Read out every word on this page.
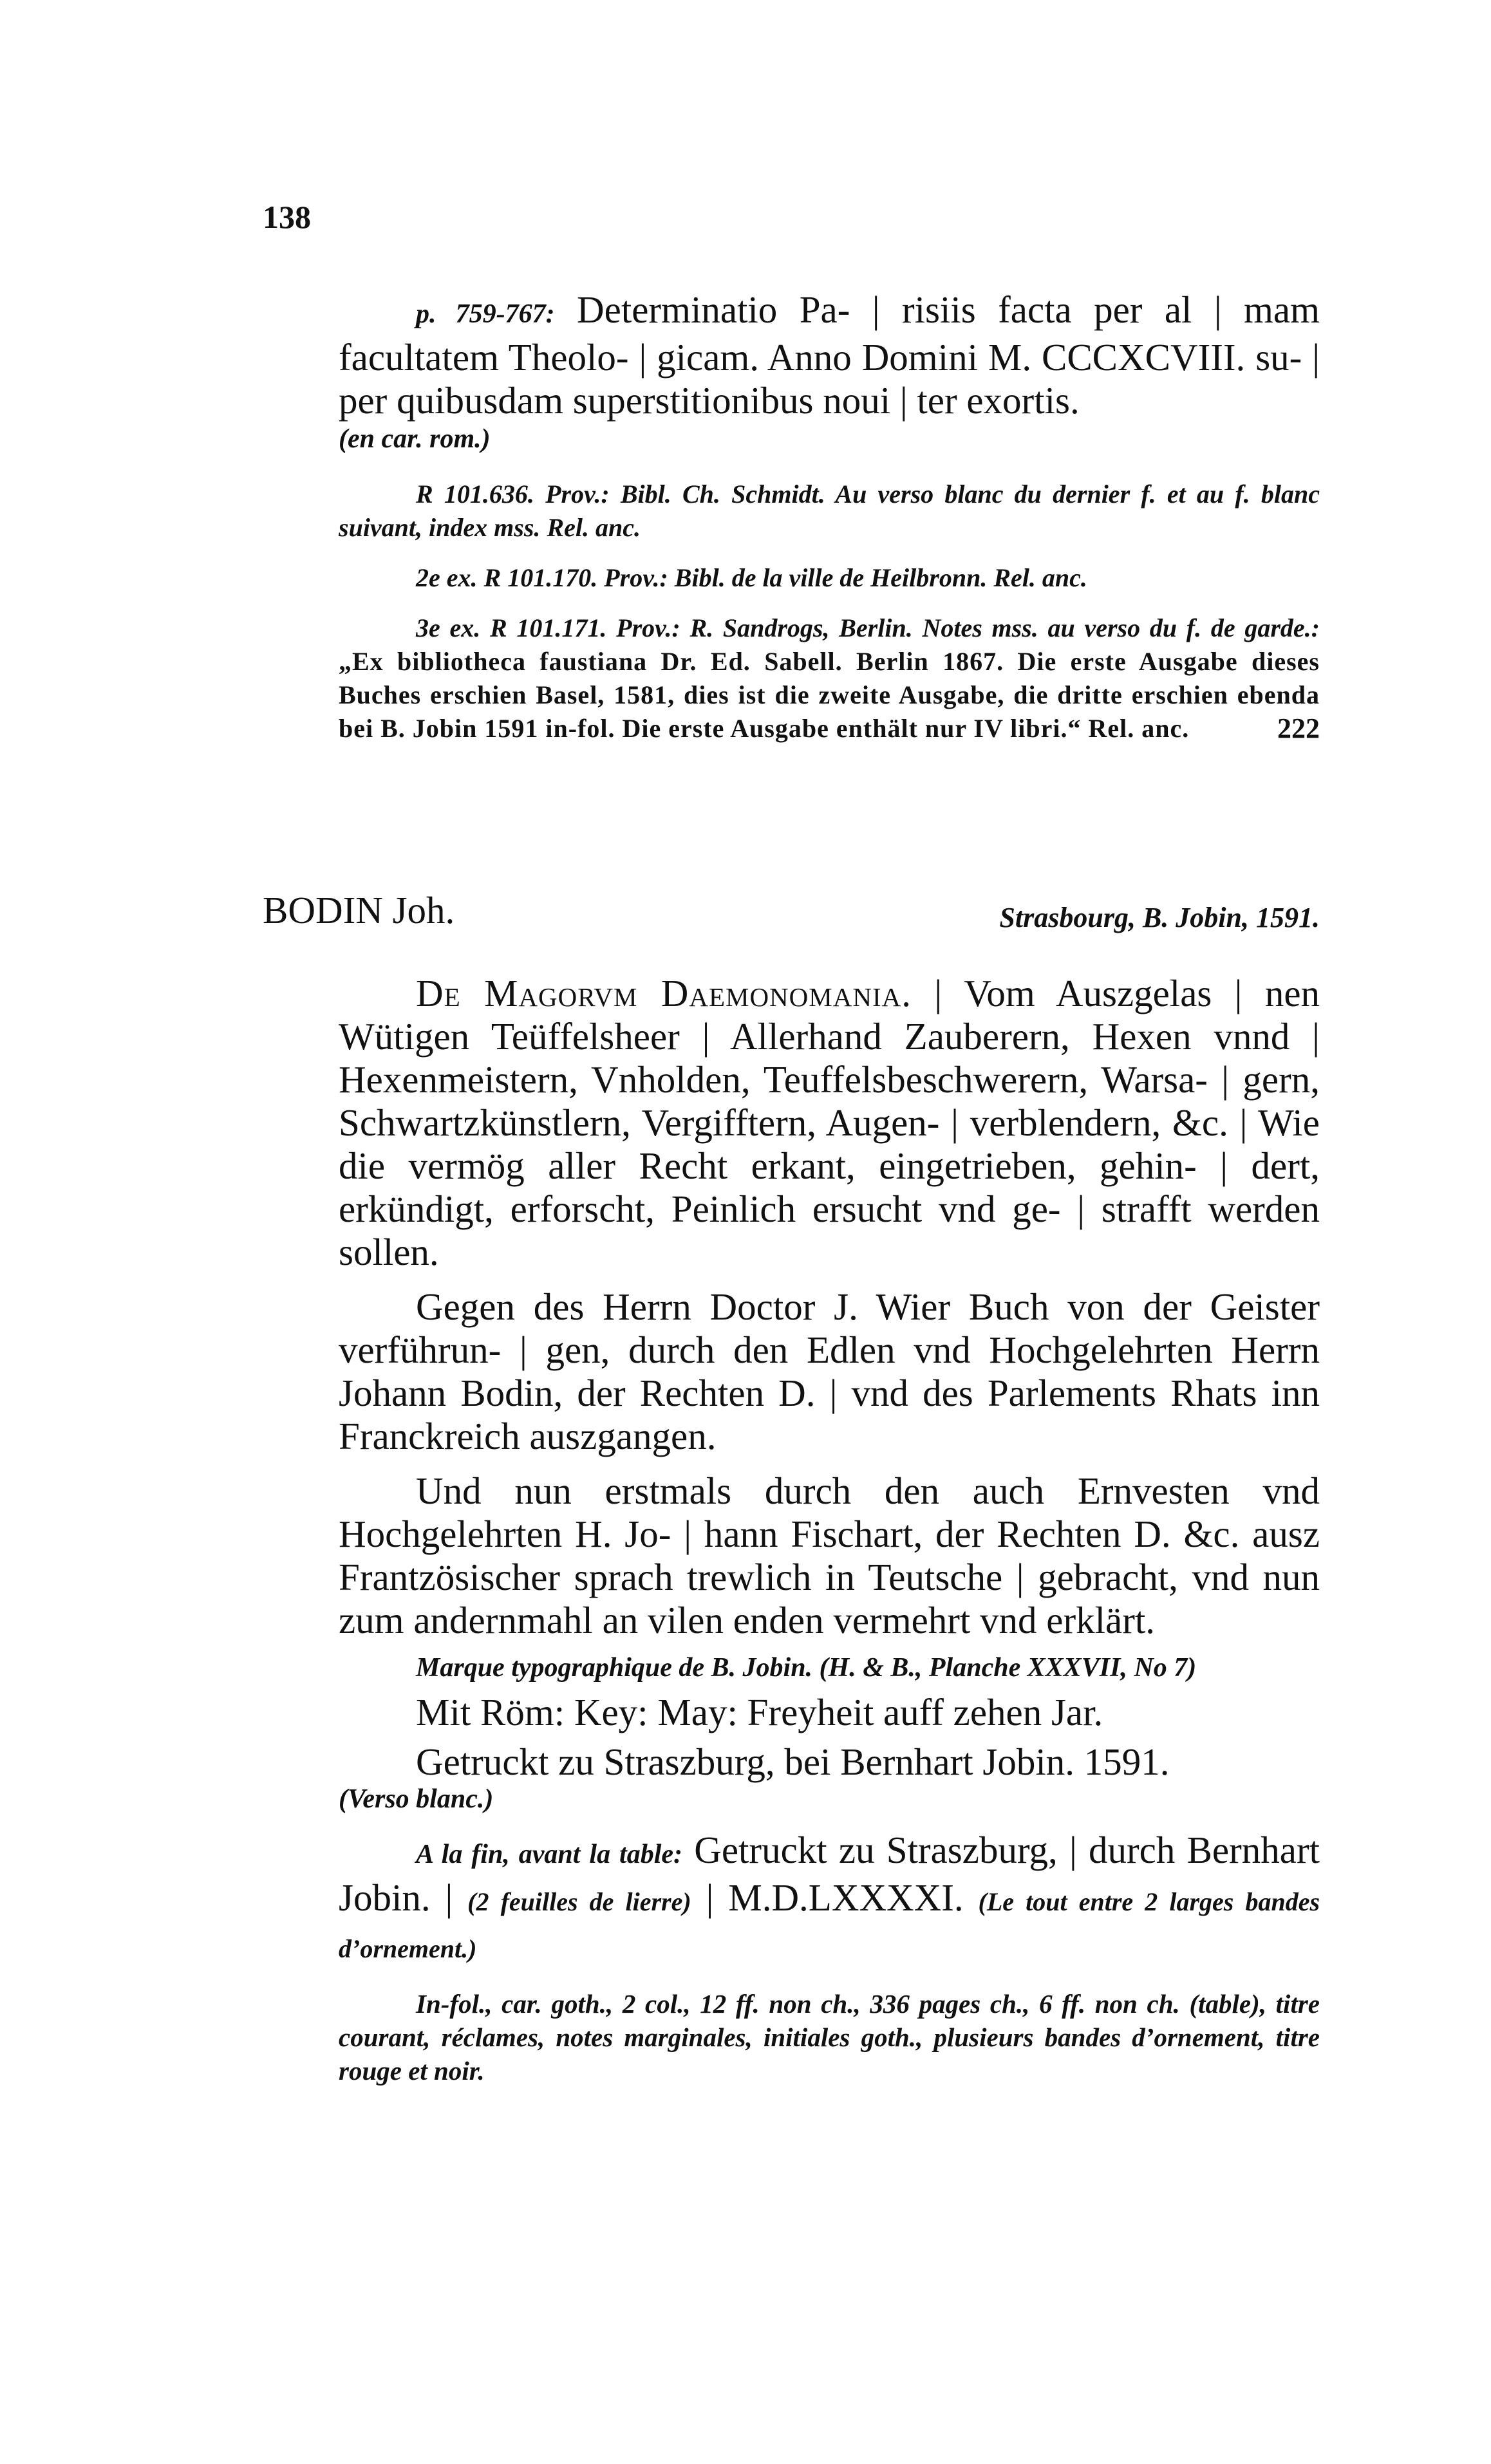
138

p. 759-767: Determinatio Pa- | risiis facta per al | mam facultatem Theolo- | gicam. Anno Domini M. CCCXCVIII. su- | per quibusdam superstitionibus noui | ter exortis.

(en car. rom.)

R 101.636. Prov.: Bibl. Ch. Schmidt. Au verso blanc du dernier f. et au f. blanc suivant, index mss. Rel. anc.

2e ex. R 101.170. Prov.: Bibl. de la ville de Heilbronn. Rel. anc.

3e ex. R 101.171. Prov.: R. Sandrogs, Berlin. Notes mss. au verso du f. de garde.: „Ex bibliotheca faustiana Dr. Ed. Sabell. Berlin 1867. Die erste Ausgabe dieses Buches erschien Basel, 1581, dies ist die zweite Ausgabe, die dritte erschien ebenda bei B. Jobin 1591 in-fol. Die erste Ausgabe enthält nur IV libri.“ Rel. anc.	222

BODIN Joh.	Strasbourg, B. Jobin, 1591.

De Magorvm Daemonomania. | Vom Auszgelas | nen Wütigen Teüffelsheer | Allerhand Zauberern, Hexen vnnd | Hexenmeistern, Vnholden, Teuffelsbeschwerern, Warsa- | gern, Schwartzkünstlern, Vergifftern, Augen- | verblendern, &c. | Wie die vermög aller Recht erkant, eingetrieben, gehin- | dert, erkündigt, erforscht, Peinlich ersucht vnd ge- | strafft werden sollen.

Gegen des Herrn Doctor J. Wier Buch von der Geister verführun- | gen, durch den Edlen vnd Hochgelehrten Herrn Johann Bodin, der Rechten D. | vnd des Parlements Rhats inn Franckreich auszgangen.

Und nun erstmals durch den auch Ernvesten vnd Hochgelehrten H. Jo- | hann Fischart, der Rechten D. &c. ausz Frantzösischer sprach trewlich in Teutsche | gebracht, vnd nun zum andernmahl an vilen enden vermehrt vnd erklärt.

Marque typographique de B. Jobin. (H. & B., Planche XXXVII, No 7)

Mit Röm: Key: May: Freyheit auff zehen Jar.

Getruckt zu Straszburg, bei Bernhart Jobin. 1591.

(Verso blanc.)

A la fin, avant la table: Getruckt zu Straszburg, | durch Bernhart Jobin. | (2 feuilles de lierre) | M.D.LXXXXI. (Le tout entre 2 larges bandes d’ornement.)

In-fol., car. goth., 2 col., 12 ff. non ch., 336 pages ch., 6 ff. non ch. (table), titre courant, réclames, notes marginales, initiales goth., plusieurs bandes d’ornement, titre rouge et noir.
